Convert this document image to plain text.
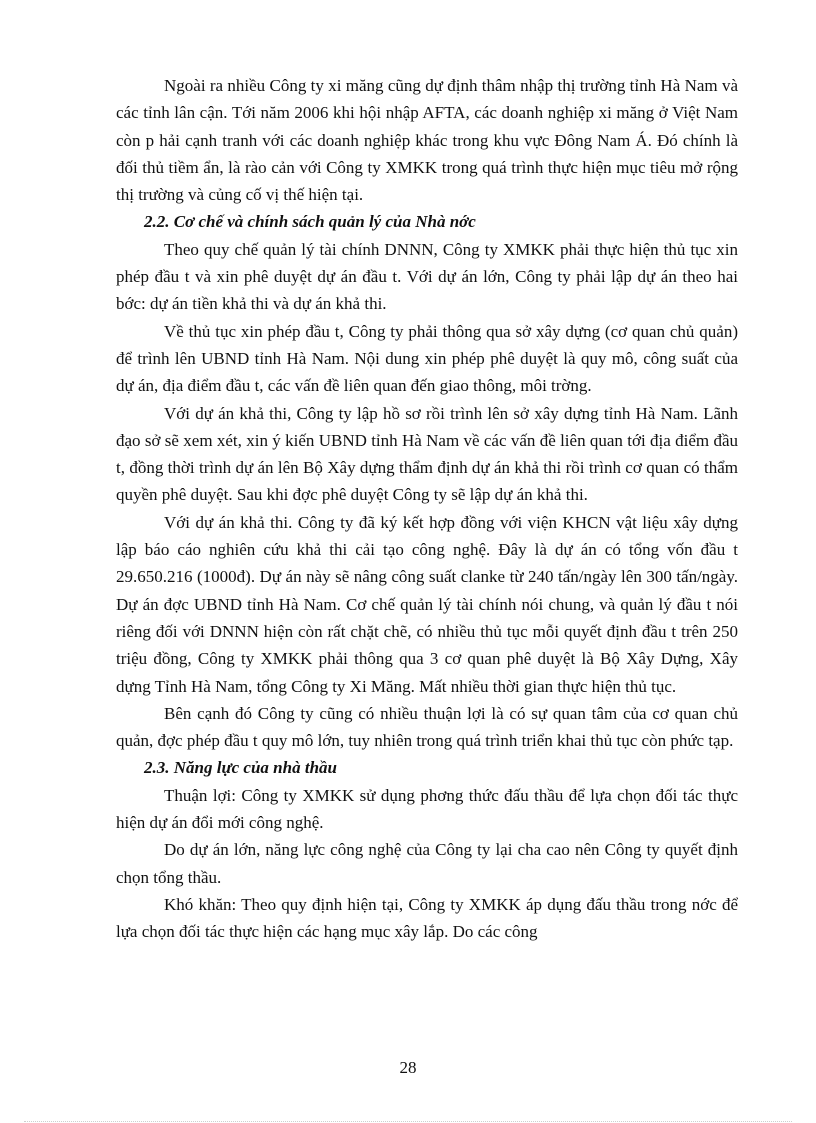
Ngoài ra nhiều Công ty xi măng cũng dự định thâm nhập thị trường tỉnh Hà Nam và các tỉnh lân cận. Tới năm 2006 khi hội nhập AFTA, các doanh nghiệp xi măng ở Việt Nam còn p hải cạnh tranh với các doanh nghiệp khác trong khu vực Đông Nam Á. Đó chính là đối thủ tiềm ẩn, là rào cản với Công ty XMKK trong quá trình thực hiện mục tiêu mở rộng thị trường và củng cố vị thế hiện tại.

2.2. Cơ chế và chính sách quản lý của Nhà nớc

Theo quy chế quản lý tài chính DNNN, Công ty XMKK phải thực hiện thủ tục xin phép đầu t và xin phê duyệt dự án đầu t. Với dự án lớn, Công ty phải lập dự án theo hai bớc: dự án tiền khả thi và dự án khả thi.

Về thủ tục xin phép đầu t, Công ty phải thông qua sở xây dựng (cơ quan chủ quản) để trình lên UBND tỉnh Hà Nam. Nội dung xin phép phê duyệt là quy mô, công suất của dự án, địa điểm đầu t, các vấn đề liên quan đến giao thông, môi trờng.

Với dự án khả thi, Công ty lập hồ sơ rồi trình lên sở xây dựng tỉnh Hà Nam. Lãnh đạo sở sẽ xem xét, xin ý kiến UBND tỉnh Hà Nam về các vấn đề liên quan tới địa điểm đầu t, đồng thời trình dự án lên Bộ Xây dựng thẩm định dự án khả thi rồi trình cơ quan có thẩm quyền phê duyệt. Sau khi đợc phê duyệt Công ty sẽ lập dự án khả thi.

Với dự án khả thi. Công ty đã ký kết hợp đồng với viện KHCN vật liệu xây dựng lập báo cáo nghiên cứu khả thi cải tạo công nghệ. Đây là dự án có tổng vốn đầu t 29.650.216 (1000đ). Dự án này sẽ nâng công suất clanke từ 240 tấn/ngày lên 300 tấn/ngày. Dự án đợc UBND tỉnh Hà Nam. Cơ chế quản lý tài chính nói chung, và quản lý đầu t nói riêng đối với DNNN hiện còn rất chặt chẽ, có nhiều thủ tục mỗi quyết định đầu t trên 250 triệu đồng, Công ty XMKK phải thông qua 3 cơ quan phê duyệt là Bộ Xây Dựng, Xây dựng Tỉnh Hà Nam, tổng Công ty Xi Măng. Mất nhiều thời gian thực hiện thủ tục.

Bên cạnh đó Công ty cũng có nhiều thuận lợi là có sự quan tâm của cơ quan chủ quản, đợc phép đầu t quy mô lớn, tuy nhiên trong quá trình triển khai thủ tục còn phức tạp.

2.3. Năng lực của nhà thầu

Thuận lợi: Công ty XMKK sử dụng phơng thức đấu thầu để lựa chọn đối tác thực hiện dự án đổi mới công nghệ.

Do dự án lớn, năng lực công nghệ của Công ty lại cha cao nên Công ty quyết định chọn tổng thầu.

Khó khăn: Theo quy định hiện tại, Công ty XMKK áp dụng đấu thầu trong nớc để lựa chọn đối tác thực hiện các hạng mục xây lắp. Do các công

28
